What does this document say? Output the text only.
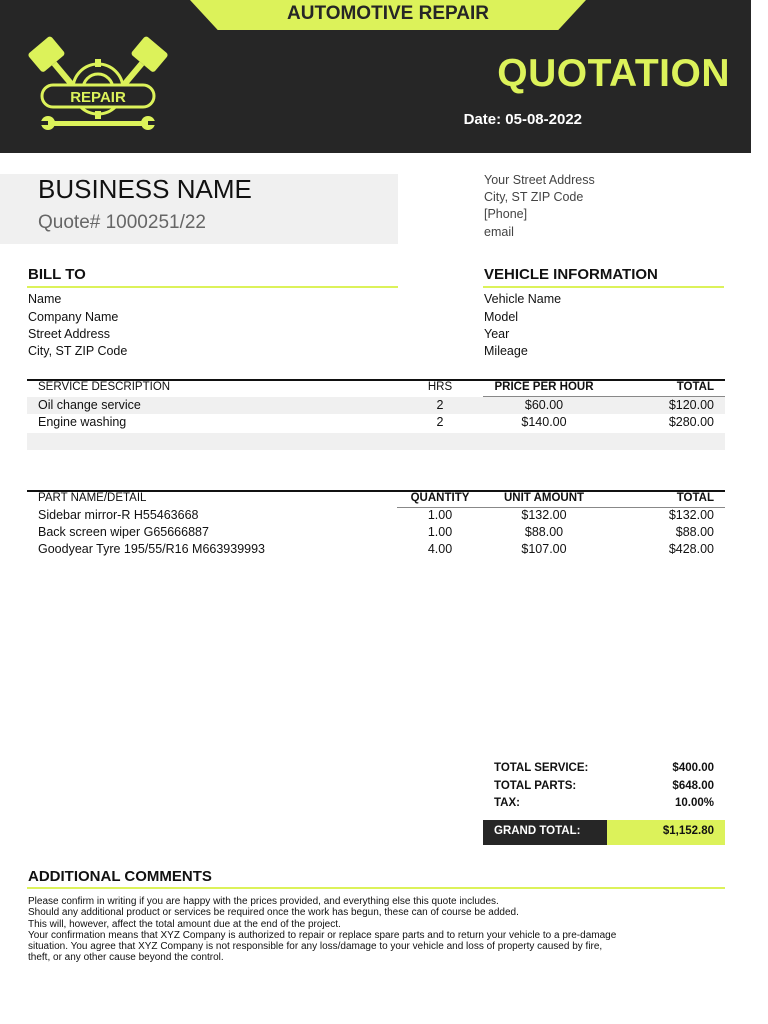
AUTOMOTIVE REPAIR
REPAIR
QUOTATION
Date: 05-08-2022
BUSINESS NAME
Quote# 1000251/22
Your Street Address
City, ST ZIP Code
[Phone]
email
BILL TO
Name
Company Name
Street Address
City, ST ZIP Code
VEHICLE INFORMATION
Vehicle Name
Model
Year
Mileage
SERVICE DESCRIPTION	HRS	PRICE PER HOUR	TOTAL
Oil change service	2	$60.00	$120.00
Engine washing	2	$140.00	$280.00
PART NAME/DETAIL	QUANTITY	UNIT AMOUNT	TOTAL
Sidebar mirror-R H55463668	1.00	$132.00	$132.00
Back screen wiper G65666887	1.00	$88.00	$88.00
Goodyear Tyre 195/55/R16 M663939993	4.00	$107.00	$428.00
TOTAL SERVICE:	$400.00
TOTAL PARTS:	$648.00
TAX:	10.00%
GRAND TOTAL:	$1,152.80
ADDITIONAL COMMENTS
Please confirm in writing if you are happy with the prices provided, and everything else this quote includes.
Should any additional product or services be required once the work has begun, these can of course be added.
This will, however, affect the total amount due at the end of the project.
Your confirmation means that XYZ Company is authorized to repair or replace spare parts and to return your vehicle to a pre-damage
situation. You agree that XYZ Company is not responsible for any loss/damage to your vehicle and loss of property caused by fire,
theft, or any other cause beyond the control.
